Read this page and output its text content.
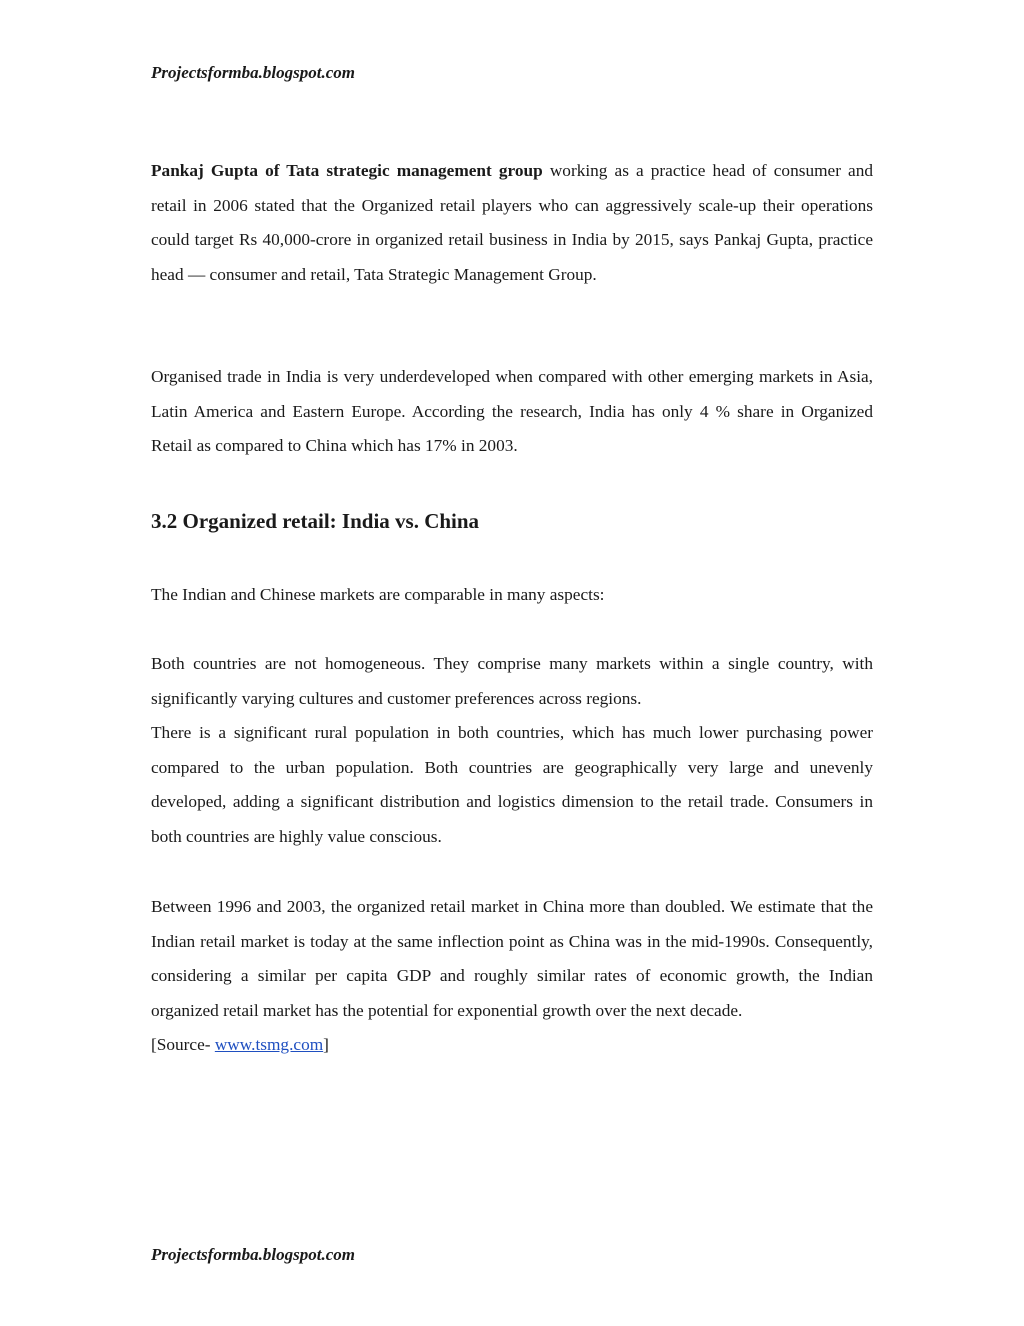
Projectsformba.blogspot.com

Pankaj Gupta of Tata strategic management group working as a practice head of consumer and retail in 2006 stated that the Organized retail players who can aggressively scale-up their operations could target Rs 40,000-crore in organized retail business in India by 2015, says Pankaj Gupta, practice head — consumer and retail, Tata Strategic Management Group.

Organised trade in India is very underdeveloped when compared with other emerging markets in Asia, Latin America and Eastern Europe. According the research, India has only 4 % share in Organized Retail as compared to China which has 17% in 2003.

3.2 Organized retail: India vs. China

The Indian and Chinese markets are comparable in many aspects:

Both countries are not homogeneous. They comprise many markets within a single country, with significantly varying cultures and customer preferences across regions.
There is a significant rural population in both countries, which has much lower purchasing power compared to the urban population. Both countries are geographically very large and unevenly developed, adding a significant distribution and logistics dimension to the retail trade. Consumers in both countries are highly value conscious.
Between 1996 and 2003, the organized retail market in China more than doubled. We estimate that the Indian retail market is today at the same inflection point as China was in the mid-1990s. Consequently, considering a similar per capita GDP and roughly similar rates of economic growth, the Indian organized retail market has the potential for exponential growth over the next decade.
[Source- www.tsmg.com]

Projectsformba.blogspot.com
